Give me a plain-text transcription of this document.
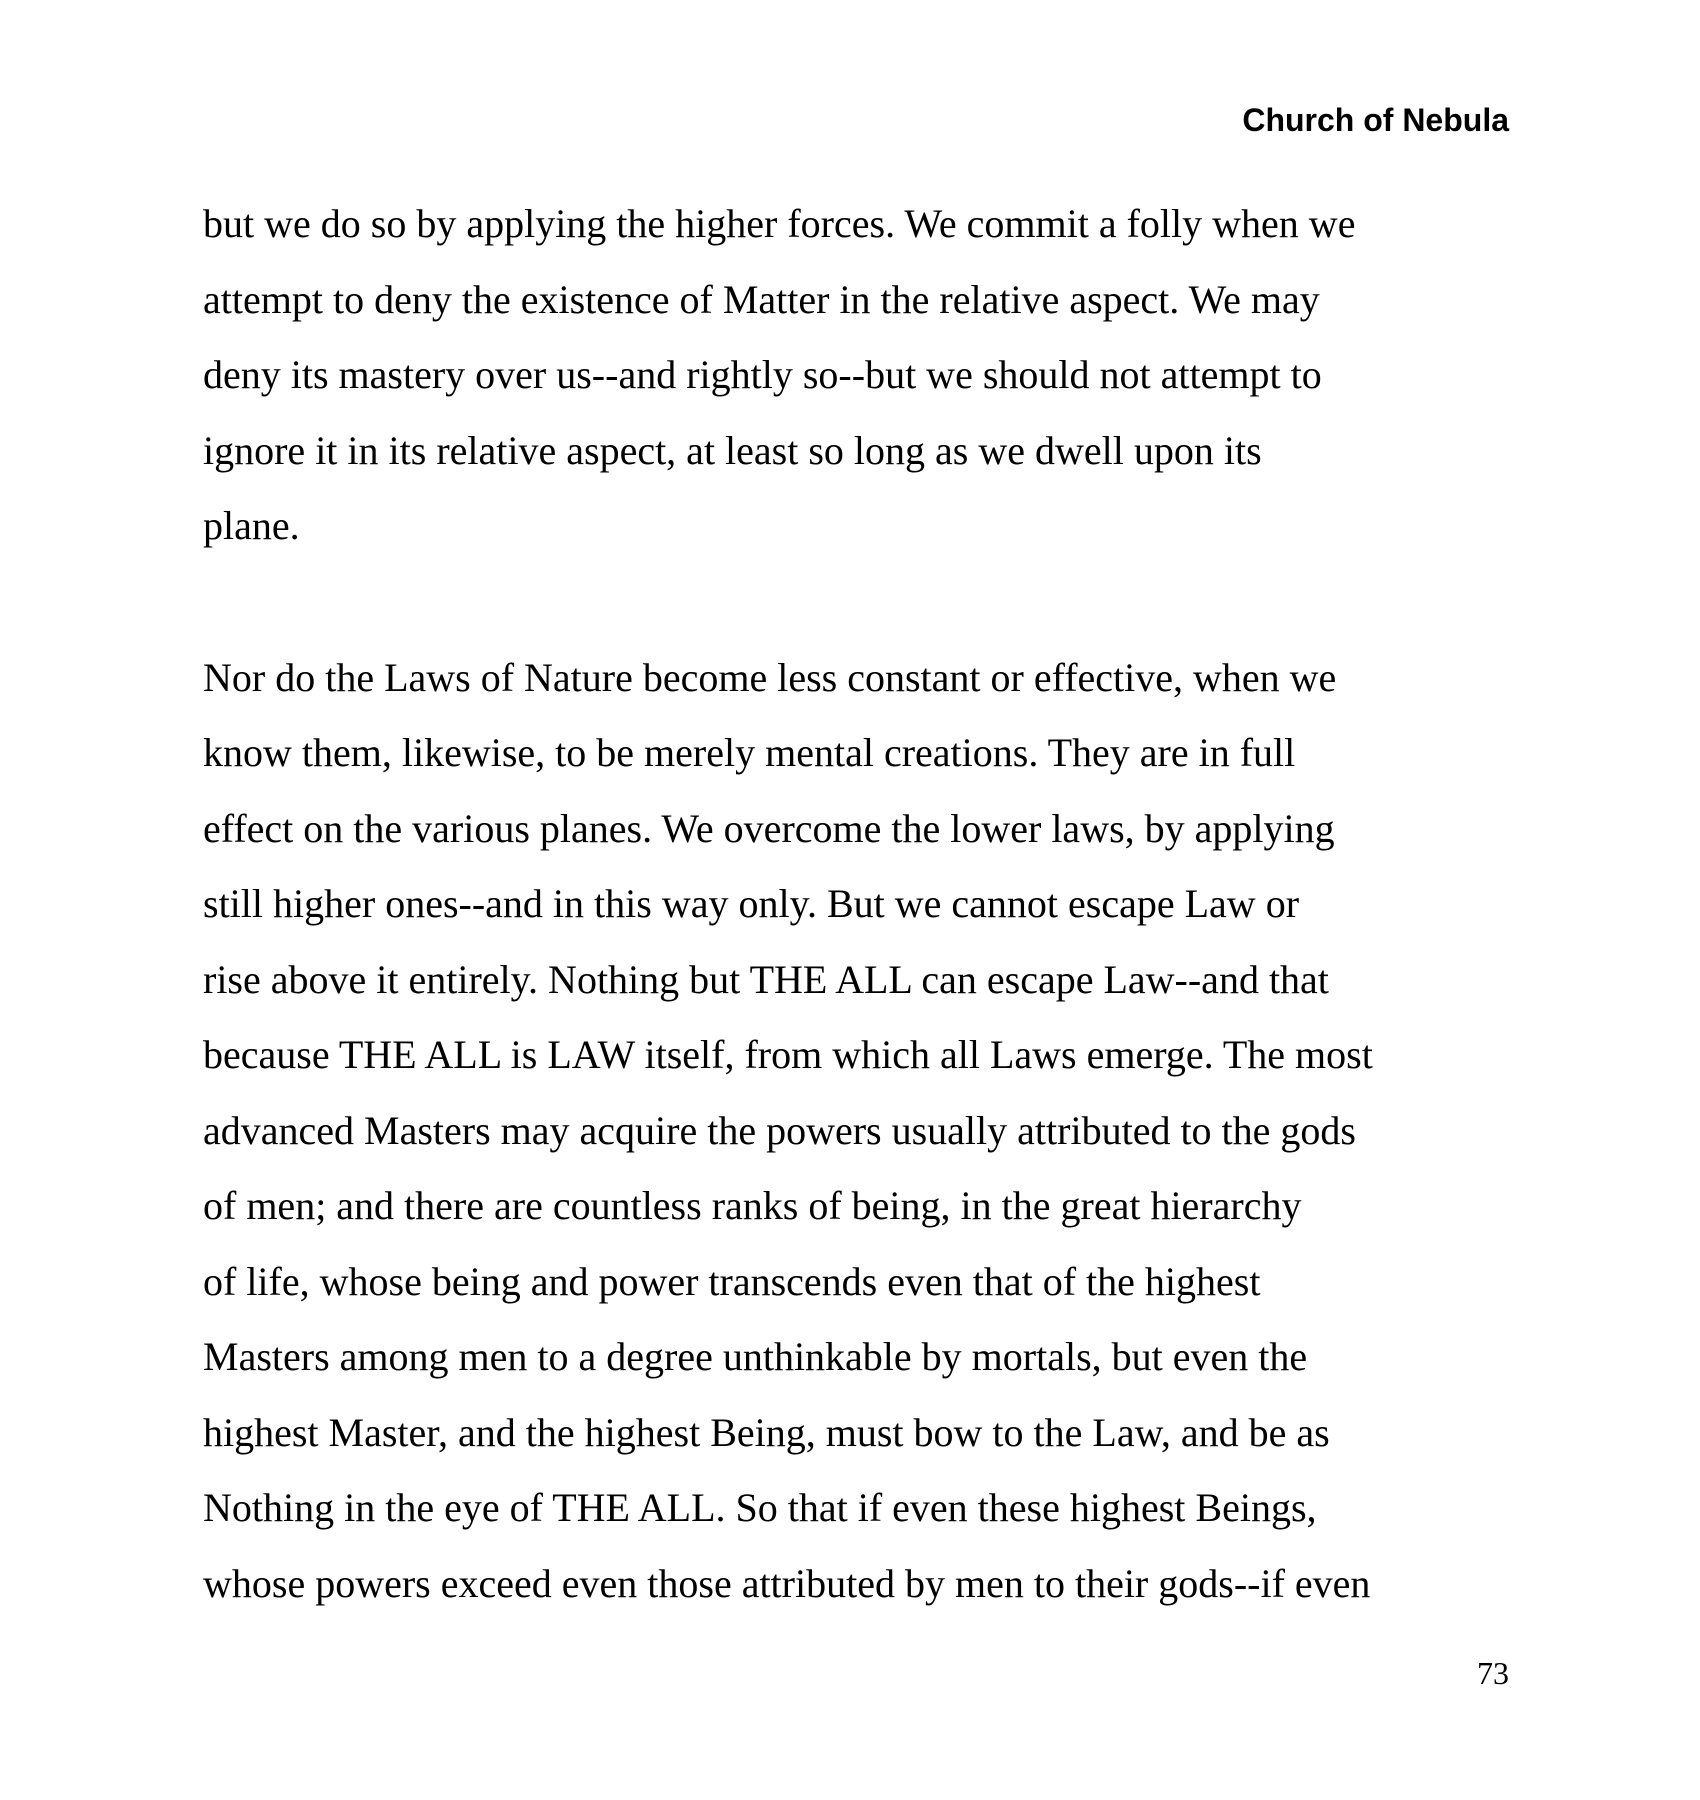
Church of Nebula

but we do so by applying the higher forces. We commit a folly when we
attempt to deny the existence of Matter in the relative aspect. We may
deny its mastery over us--and rightly so--but we should not attempt to
ignore it in its relative aspect, at least so long as we dwell upon its
plane.

Nor do the Laws of Nature become less constant or effective, when we
know them, likewise, to be merely mental creations. They are in full
effect on the various planes. We overcome the lower laws, by applying
still higher ones--and in this way only. But we cannot escape Law or
rise above it entirely. Nothing but THE ALL can escape Law--and that
because THE ALL is LAW itself, from which all Laws emerge. The most
advanced Masters may acquire the powers usually attributed to the gods
of men; and there are countless ranks of being, in the great hierarchy
of life, whose being and power transcends even that of the highest
Masters among men to a degree unthinkable by mortals, but even the
highest Master, and the highest Being, must bow to the Law, and be as
Nothing in the eye of THE ALL. So that if even these highest Beings,
whose powers exceed even those attributed by men to their gods--if even

73
